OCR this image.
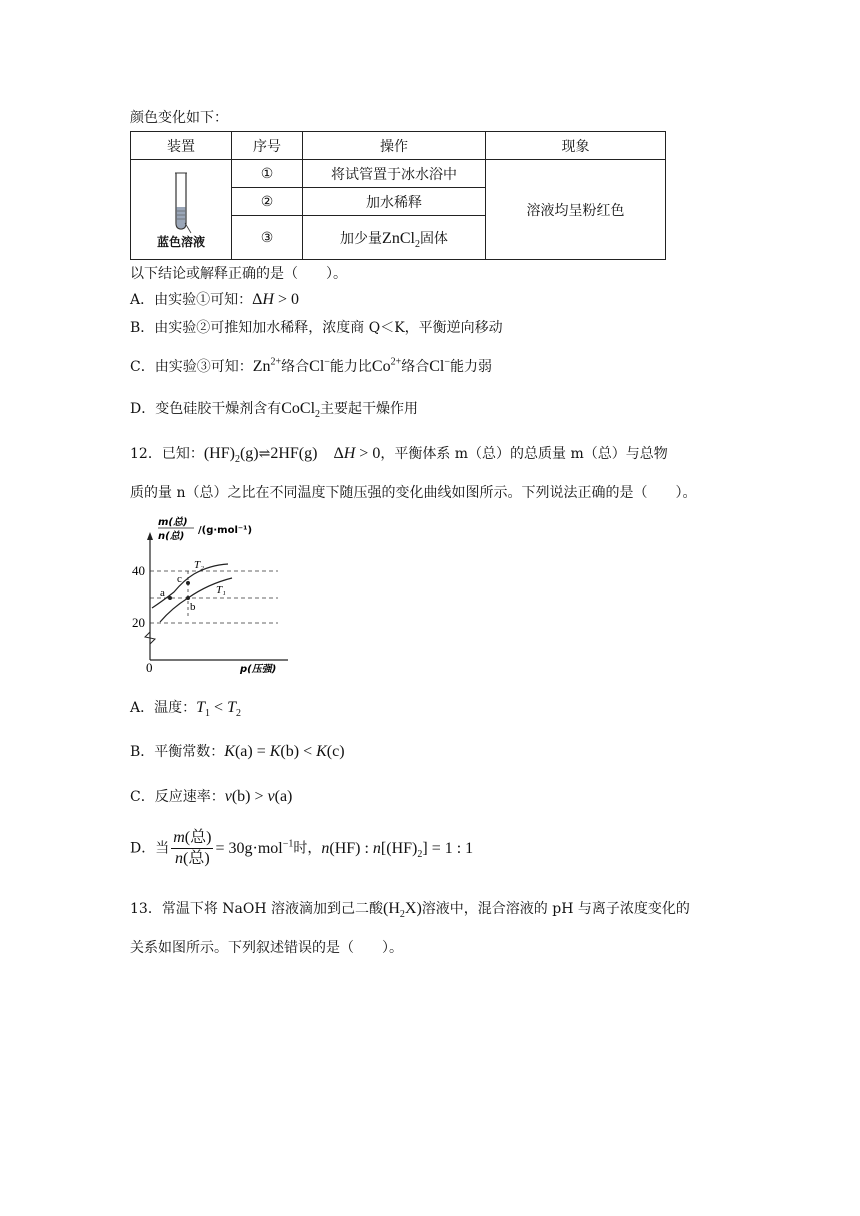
颜色变化如下：
装置	序号	操作	现象

蓝色溶液	①	将试管置于冰水浴中	溶液均呈粉红色
	②	加水稀释	
	③	加少量ZnCl$_2$固体	
以下结论或解释正确的是（　　）。
A．由实验①可知：ΔH > 0
B．由实验②可推知加水稀释，浓度商 Q＜K，平衡逆向移动
C．由实验③可知：$Zn^{2+}$络合Cl−能力比$Co^{2+}$络合Cl−能力弱
D．变色硅胶干燥剂含有CoCl$_2$主要起干燥作用
12．已知：$(HF)_2(g)\rightleftharpoons 2HF(g)$    ΔH > 0，平衡体系 m（总）的总质量 m（总）与总物
质的量 n（总）之比在不同温度下随压强的变化曲线如图所示。下列说法正确的是（　　）。
a
b
c
T₂
T₁
40
20
0
m(总)
n(总)
/(g·mol⁻¹)
p(压强)
A．温度：$T_1 < T_2$
B．平衡常数：K(a) = K(b) < K(c)
C．反应速率：v(b) > v(a)
D．当 $\frac{\text{m(总)}}{\text{n(总)}} = 30g\cdot mol^{-1}$时，n(HF) : $n[(HF)_2] = 1$ : 1
13．常温下将 NaOH 溶液滴加到己二酸$(H_2X)$溶液中，混合溶液的 pH 与离子浓度变化的
关系如图所示。下列叙述错误的是（　　）。
